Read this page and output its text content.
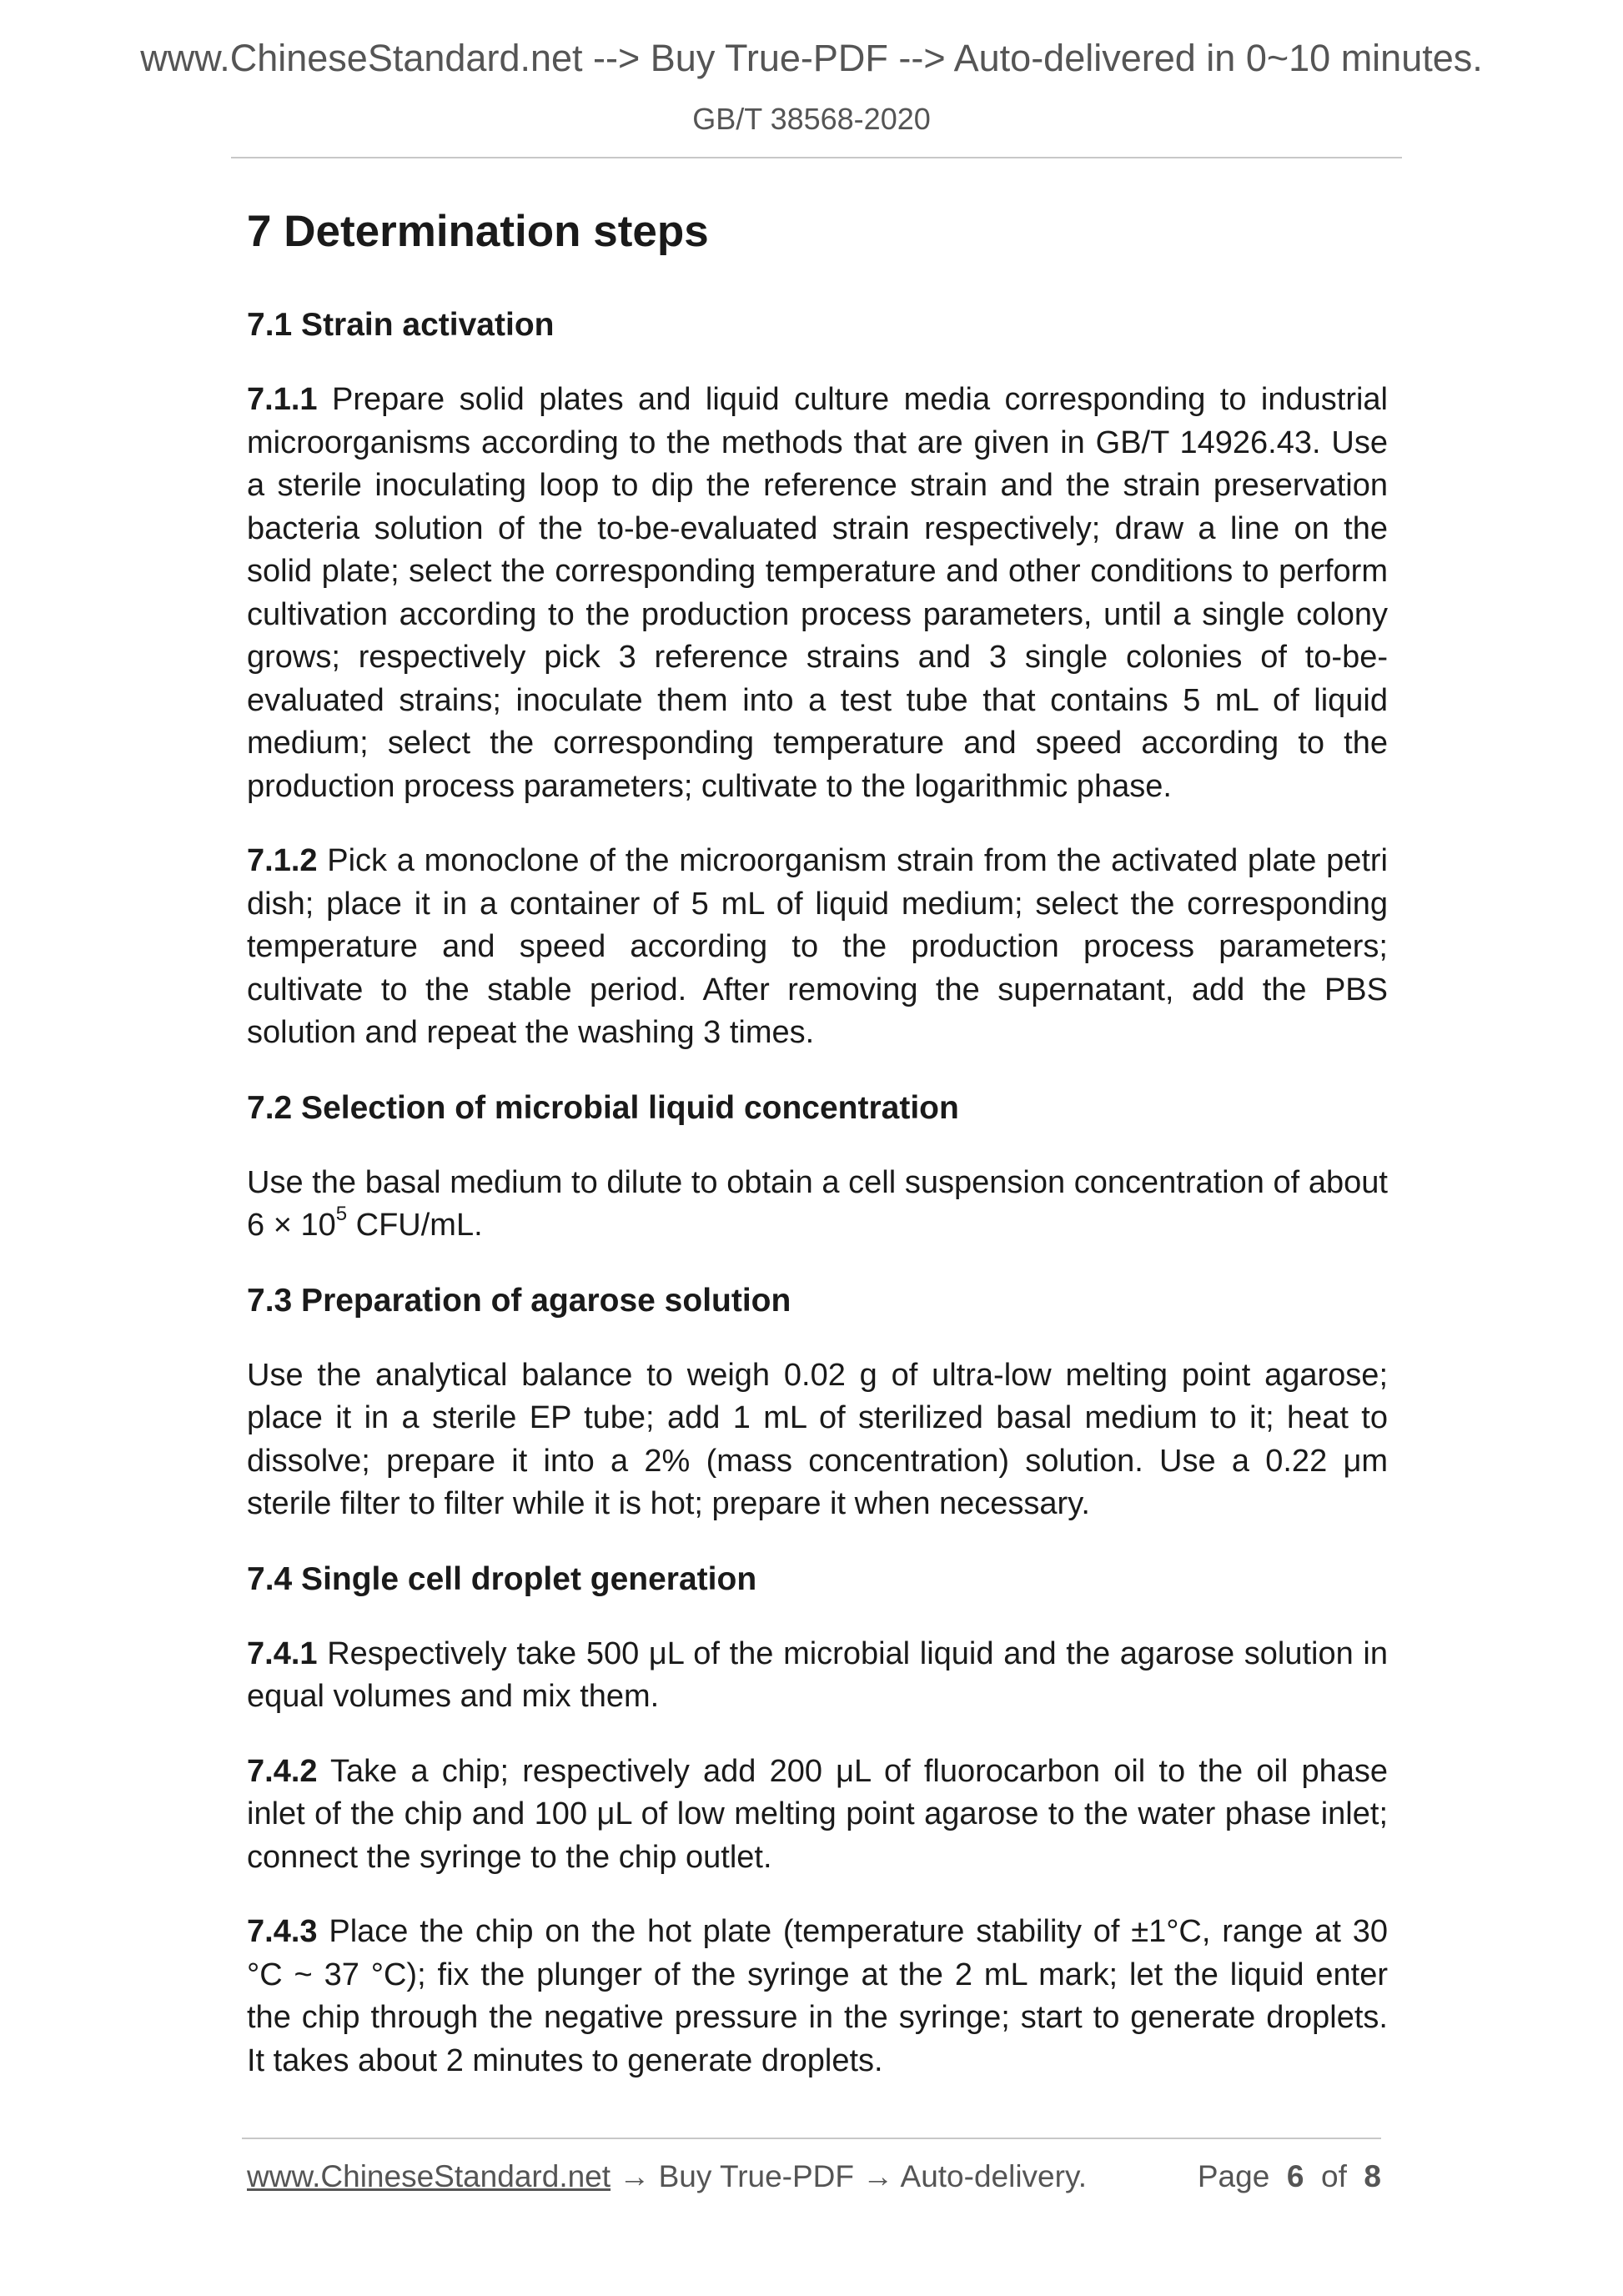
www.ChineseStandard.net --> Buy True-PDF --> Auto-delivered in 0~10 minutes.
GB/T 38568-2020
7 Determination steps
7.1 Strain activation

7.1.1 Prepare solid plates and liquid culture media corresponding to industrial microorganisms according to the methods that are given in GB/T 14926.43. Use a sterile inoculating loop to dip the reference strain and the strain preservation bacteria solution of the to-be-evaluated strain respectively; draw a line on the solid plate; select the corresponding temperature and other conditions to perform cultivation according to the production process parameters, until a single colony grows; respectively pick 3 reference strains and 3 single colonies of to-be-evaluated strains; inoculate them into a test tube that contains 5 mL of liquid medium; select the corresponding temperature and speed according to the production process parameters; cultivate to the logarithmic phase.

7.1.2 Pick a monoclone of the microorganism strain from the activated plate petri dish; place it in a container of 5 mL of liquid medium; select the corresponding temperature and speed according to the production process parameters; cultivate to the stable period. After removing the supernatant, add the PBS solution and repeat the washing 3 times.

7.2 Selection of microbial liquid concentration

Use the basal medium to dilute to obtain a cell suspension concentration of about $6 \times 10^5$ CFU/mL.

7.3 Preparation of agarose solution

Use the analytical balance to weigh 0.02 g of ultra-low melting point agarose; place it in a sterile EP tube; add 1 mL of sterilized basal medium to it; heat to dissolve; prepare it into a 2% (mass concentration) solution. Use a 0.22 μm sterile filter to filter while it is hot; prepare it when necessary.

7.4 Single cell droplet generation

7.4.1 Respectively take 500 μL of the microbial liquid and the agarose solution in equal volumes and mix them.

7.4.2 Take a chip; respectively add 200 μL of fluorocarbon oil to the oil phase inlet of the chip and 100 μL of low melting point agarose to the water phase inlet; connect the syringe to the chip outlet.

7.4.3 Place the chip on the hot plate (temperature stability of ±1°C, range at 30 °C ~ 37 °C); fix the plunger of the syringe at the 2 mL mark; let the liquid enter the chip through the negative pressure in the syringe; start to generate droplets. It takes about 2 minutes to generate droplets.

www.ChineseStandard.net → Buy True-PDF → Auto-delivery.	Page 6 of 8
